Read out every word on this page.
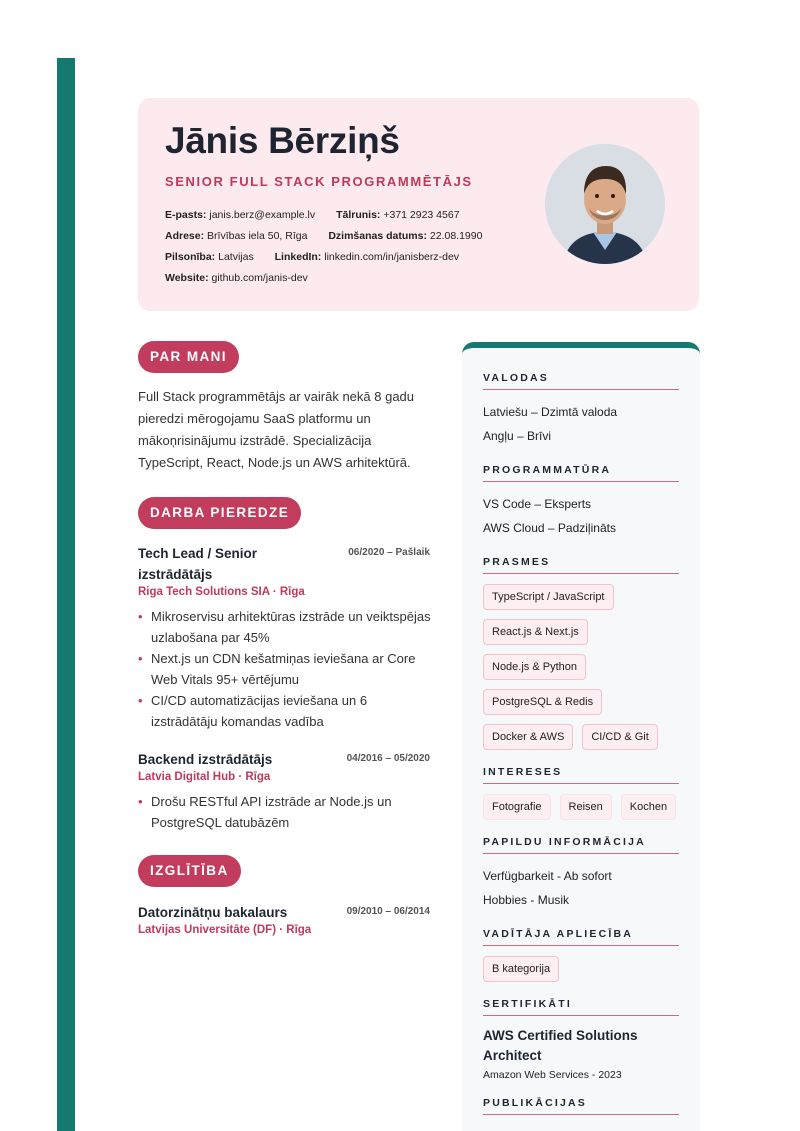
Jānis Bērziņš
SENIOR FULL STACK PROGRAMMĒTĀJS
E-pasts: janis.berz@example.lv Tālrunis: +371 2923 4567
Adrese: Brīvības iela 50, Rīga Dzimšanas datums: 22.08.1990
Pilsonība: Latvijas LinkedIn: linkedin.com/in/janisberz-dev
Website: github.com/janis-dev
PAR MANI

Full Stack programmētājs ar vairāk nekā 8 gadu pieredzi mērogojamu SaaS platformu un mākoņrisinājumu izstrādē. Specializācija TypeScript, React, Node.js un AWS arhitektūrā.

DARBA PIEREDZE
Tech Lead / Senior izstrādātājs
06/2020 – Pašlaik
Riga Tech Solutions SIA · Rīga
• Mikroservisu arhitektūras izstrāde un veiktspējas uzlabošana par 45%
• Next.js un CDN kešatmiņas ieviešana ar Core Web Vitals 95+ vērtējumu
• CI/CD automatizācijas ieviešana un 6 izstrādātāju komandas vadība
Backend izstrādātājs	04/2016 – 05/2020
Latvia Digital Hub · Rīga
• Drošu RESTful API izstrāde ar Node.js un PostgreSQL datubāzēm
IZGLĪTĪBA
Datorzinātņu bakalaurs	09/2010 – 06/2014
Latvijas Universitāte (DF) · Rīga
VALODAS
Latviešu – Dzimtā valoda
Angļu – Brīvi
PROGRAMMATŪRA
VS Code – Eksperts
AWS Cloud – Padziļināts
PRASMES
TypeScript / JavaScript
React.js & Next.js
Node.js & Python
PostgreSQL & Redis
Docker & AWS	CI/CD & Git
INTERESES
Fotografie	Reisen	Kochen
PAPILDU INFORMĀCIJA
Verfügbarkeit - Ab sofort
Hobbies - Musik
VADĪTĀJA APLIECĪBA
B kategorija
SERTIFIKĀTI
AWS Certified Solutions Architect
Amazon Web Services - 2023
PUBLIKĀCIJAS
